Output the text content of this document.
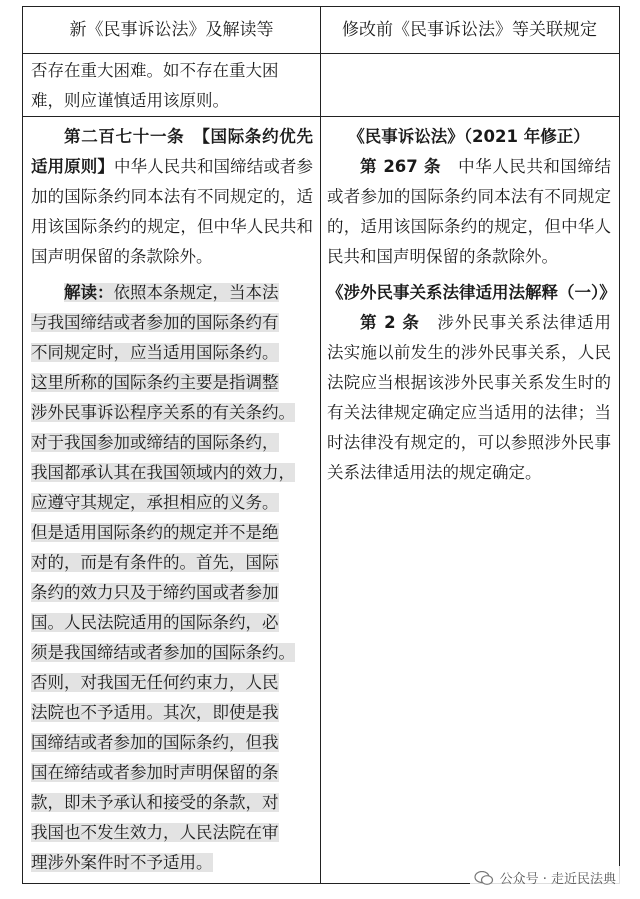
新《民事诉讼法》及解读等	修改前《民事诉讼法》等关联规定

否存在重大困难。如不存在重大困

难，则应谨慎适用该原则。

第二百七十一条　 【国际条约优先适用原则】中华人民共和国缔结或者参加的国际条约同本法有不同规定的，适用该国际条约的规定，但中华人民共和国声明保留的条款除外。

解读：依照本条规定，当本法

与我国缔结或者参加的国际条约有

不同规定时，应当适用国际条约。

这里所称的国际条约主要是指调整

涉外民事诉讼程序关系的有关条约。

对于我国参加或缔结的国际条约，

我国都承认其在我国领域内的效力，

应遵守其规定，承担相应的义务。

但是适用国际条约的规定并不是绝

对的，而是有条件的。首先，国际

条约的效力只及于缔约国或者参加

国。人民法院适用的国际条约，必

须是我国缔结或者参加的国际条约。

否则，对我国无任何约束力，人民

法院也不予适用。其次，即使是我

国缔结或者参加的国际条约，但我

国在缔结或者参加时声明保留的条

款，即未予承认和接受的条款，对

我国也不发生效力，人民法院在审

理涉外案件时不予适用。

《民事诉讼法》（2021 年修正）

第 267 条　 中华人民共和国缔结或者参加的国际条约同本法有不同规定的，适用该国际条约的规定，但中华人民共和国声明保留的条款除外。

《涉外民事关系法律适用法解释（一）》

第 2 条　 涉外民事关系法律适用法实施以前发生的涉外民事关系，人民法院应当根据该涉外民事关系发生时的有关法律规定确定应当适用的法律；当时法律没有规定的，可以参照涉外民事关系法律适用法的规定确定。

公众号 · 走近民法典
